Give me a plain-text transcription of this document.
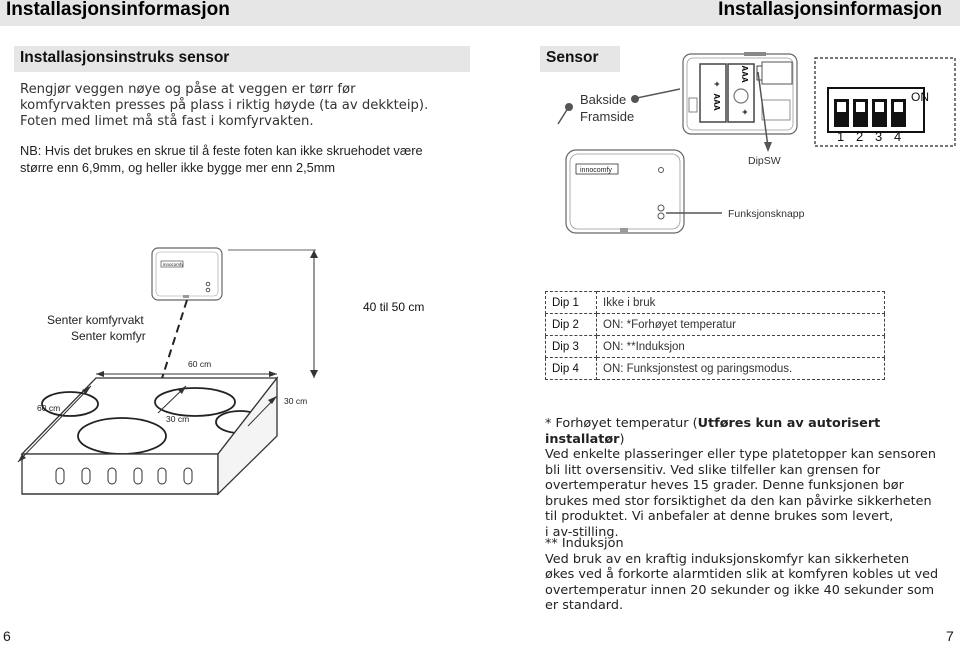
Installasjonsinformasjon	Installasjonsinformasjon
Installasjonsinstruks sensor
Rengjør veggen nøye og påse at veggen er tørr før
komfyrvakten presses på plass i riktig høyde (ta av dekkteip).
Foten med limet må stå fast i komfyrvakten.
NB: Hvis det brukes en skrue til å feste foten kan ikke skruehodet være
større enn 6,9mm, og heller ikke bygge mer enn 2,5mm
Sensor
Bakside
Framside
+
AAA
+
AAA
DipSW
ON
1 2 3 4
innocomfy
Funksjonsknapp
innocomfy
40 til 50 cm
Senter komfyrvakt
Senter komfyr
60 cm
60 cm
30 cm
30 cm
Dip 1	Ikke i bruk
Dip 2	ON: *Forhøyet temperatur
Dip 3	ON: **Induksjon
Dip 4	ON: Funksjonstest og paringsmodus.
* Forhøyet temperatur (Utføres kun av autorisert installatør)
Ved enkelte plasseringer eller type platetopper kan sensoren
bli litt oversensitiv. Ved slike tilfeller kan grensen for
overtemperatur heves 15 grader. Denne funksjonen bør
brukes med stor forsiktighet da den kan påvirke sikkerheten
til produktet. Vi anbefaler at denne brukes som levert,
i av-stilling.
** Induksjon
Ved bruk av en kraftig induksjonskomfyr kan sikkerheten
økes ved å forkorte alarmtiden slik at komfyren kobles ut ved
overtemperatur innen 20 sekunder og ikke 40 sekunder som
er standard.
6	7
